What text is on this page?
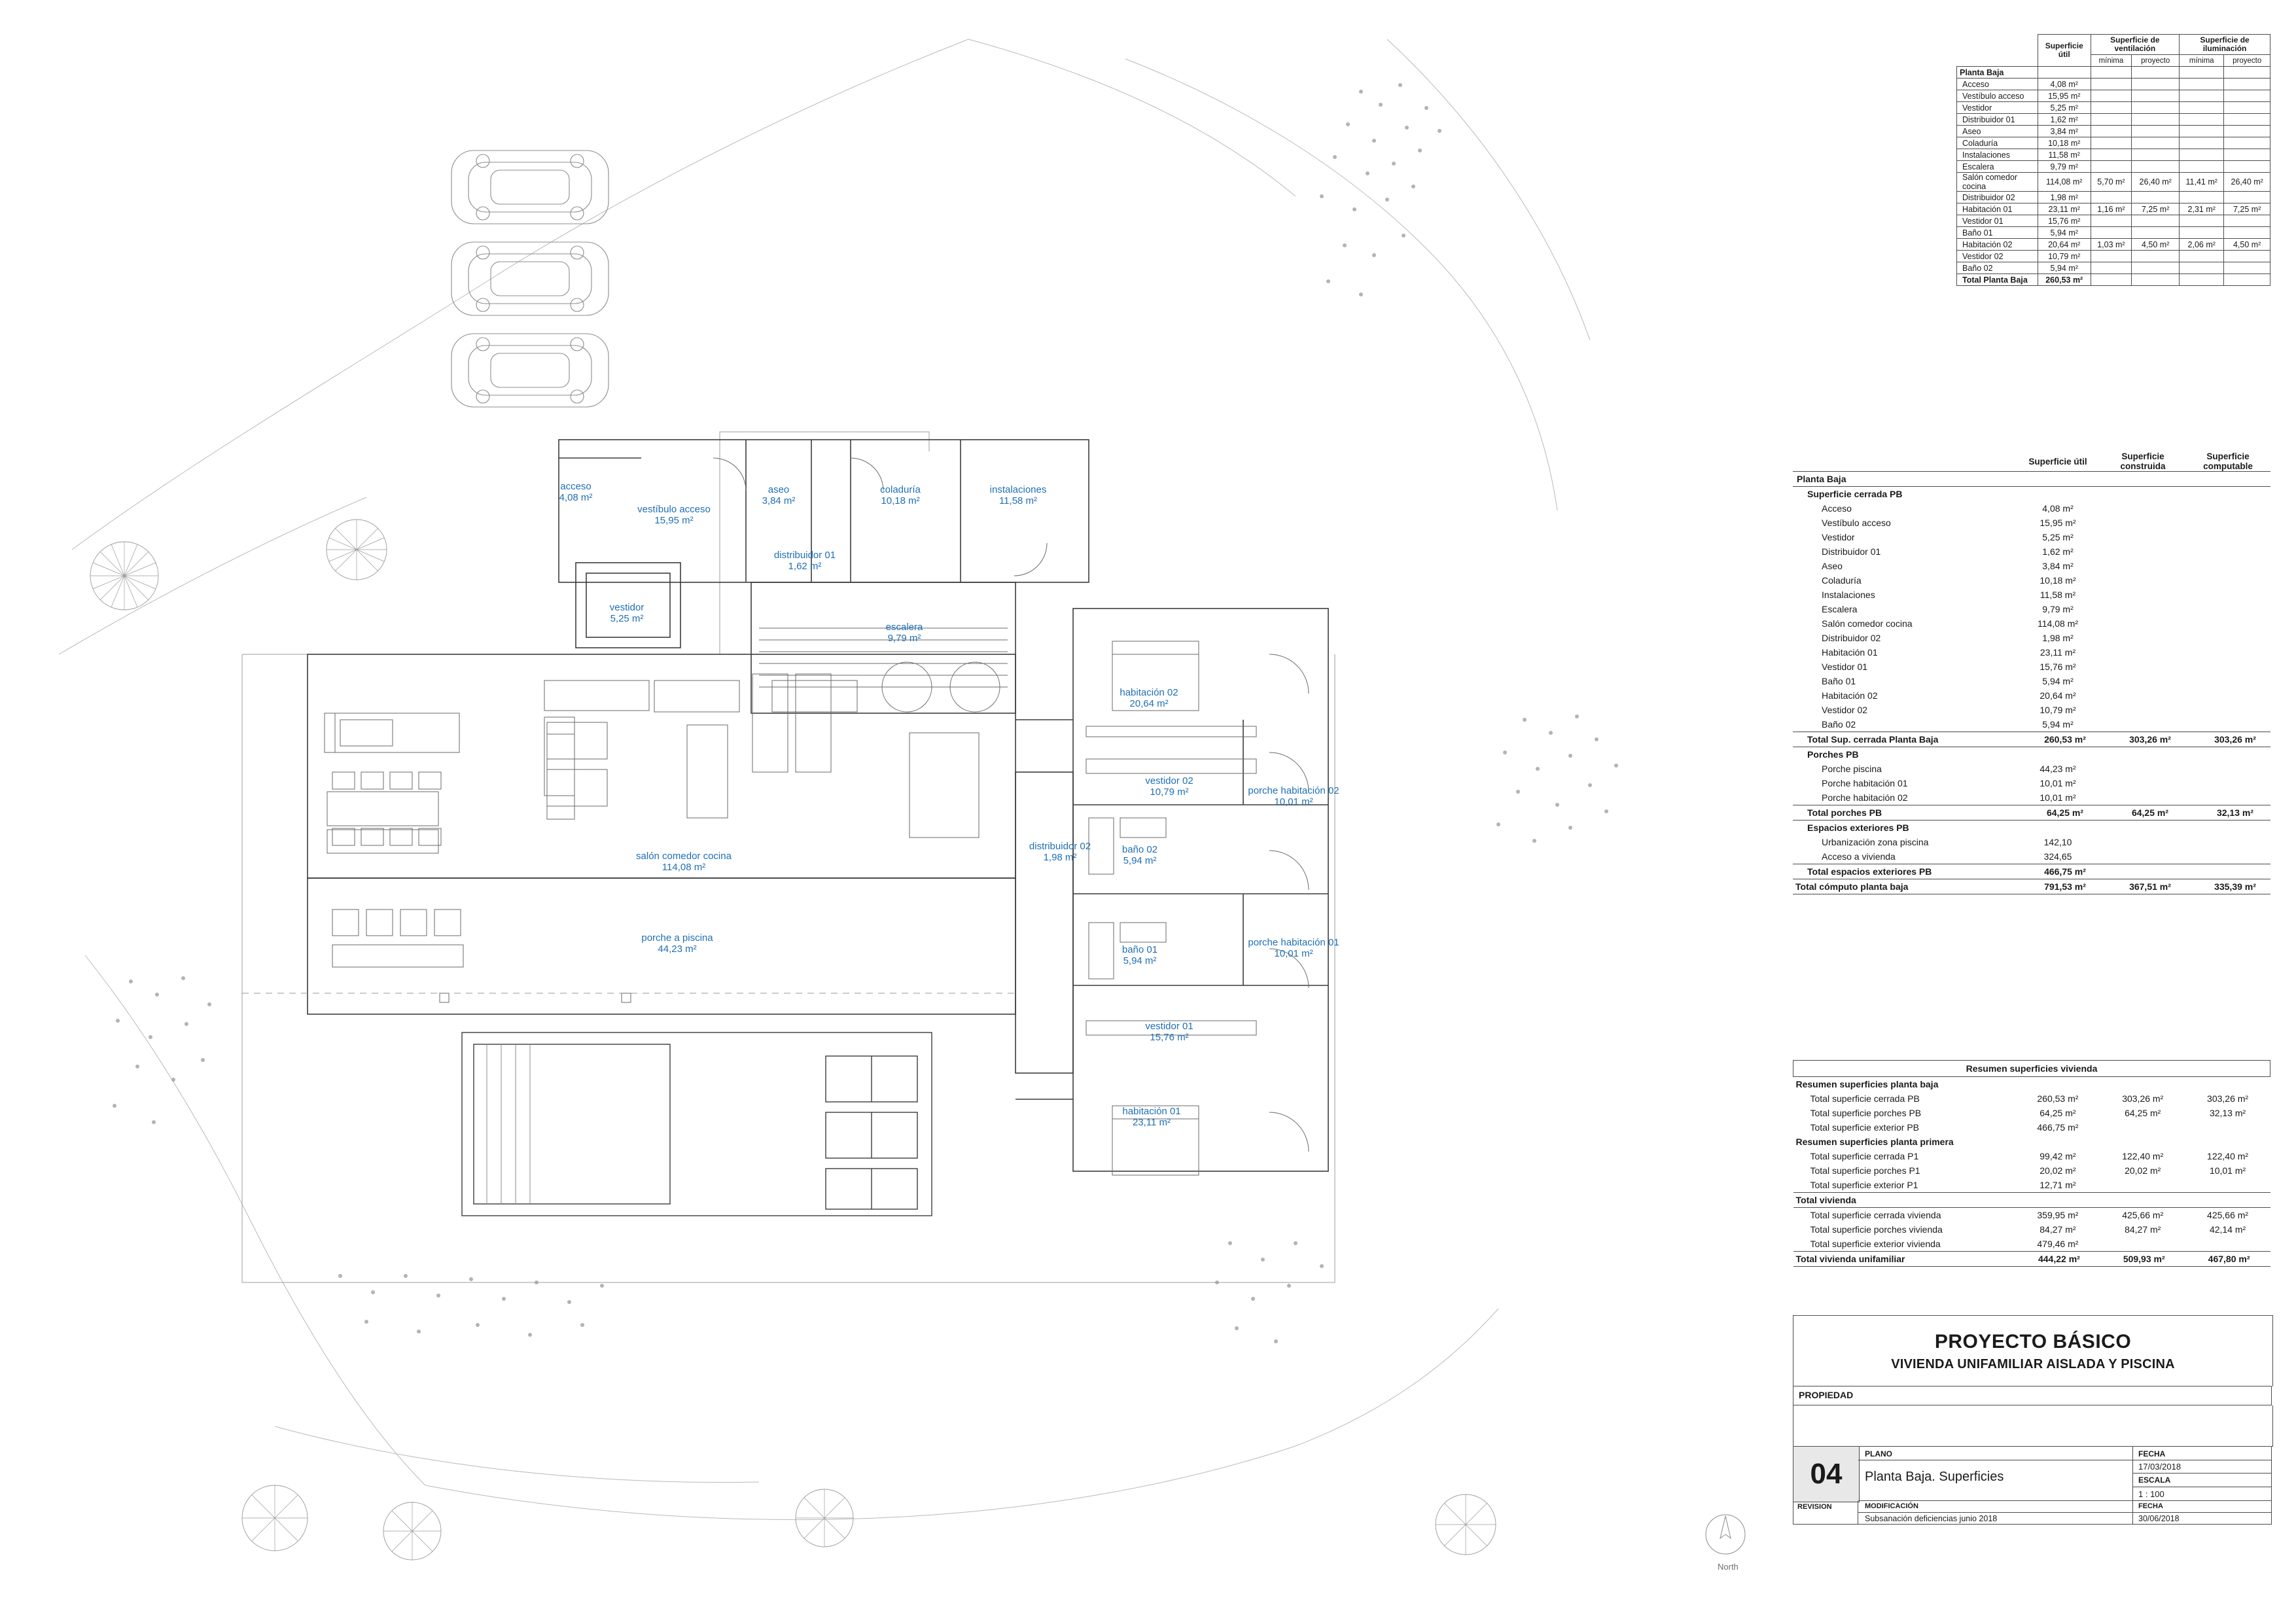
acceso
4,08 m²
vestíbulo acceso
15,95 m²
aseo
3,84 m²
coladuría
10,18 m²
instalaciones
11,58 m²
distribuidor 01
1,62 m²
vestidor
5,25 m²
escalera
9,79 m²
habitación 02
20,64 m²
vestidor 02
10,79 m²	porche habitación 02
10,01 m²
salón comedor cocina
114,08 m²
distribuidor 02
1,98 m²
baño 02
5,94 m²
baño 01
5,94 m²
porche habitación 01
10,01 m²
porche a piscina
44,23 m²
vestidor 01
15,76 m²
habitación 01
23,11 m²
	Superficie útil	Superficie de ventilación		Superficie de iluminación	
		mínima	proyecto	mínima	proyecto
Planta Baja					
Acceso	4,08 m²				
Vestíbulo acceso	15,95 m²				
Vestidor	5,25 m²				
Distribuidor 01	1,62 m²				
Aseo	3,84 m²				
Coladuría	10,18 m²				
Instalaciones	11,58 m²				
Escalera	9,79 m²				
Salón comedor cocina	114,08 m²	5,70 m²	26,40 m²	11,41 m²	26,40 m²
Distribuidor 02	1,98 m²				
Habitación 01	23,11 m²	1,16 m²	7,25 m²	2,31 m²	7,25 m²
Vestidor 01	15,76 m²				
Baño 01	5,94 m²				
Habitación 02	20,64 m²	1,03 m²	4,50 m²	2,06 m²	4,50 m²
Vestidor 02	10,79 m²				
Baño 02	5,94 m²				
Total Planta Baja	260,53 m²				
	Superficie útil	Superficie construida	Superficie computable
Planta Baja			
Superficie cerrada PB			
Acceso	4,08 m²		
Vestíbulo acceso	15,95 m²		
Vestidor	5,25 m²		
Distribuidor 01	1,62 m²		
Aseo	3,84 m²		
Coladuría	10,18 m²		
Instalaciones	11,58 m²		
Escalera	9,79 m²		
Salón comedor cocina	114,08 m²		
Distribuidor 02	1,98 m²		
Habitación 01	23,11 m²		
Vestidor 01	15,76 m²		
Baño 01	5,94 m²		
Habitación 02	20,64 m²		
Vestidor 02	10,79 m²		
Baño 02	5,94 m²		
Total Sup. cerrada Planta Baja	260,53 m²	303,26 m²	303,26 m²
Porches PB			
Porche piscina	44,23 m²		
Porche habitación 01	10,01 m²		
Porche habitación 02	10,01 m²		
Total porches PB	64,25 m²	64,25 m²	32,13 m²
Espacios exteriores PB			
Urbanización zona piscina	142,10		
Acceso a vivienda	324,65		
Total espacios exteriores PB	466,75 m²		
Total cómputo planta baja	791,53 m²	367,51 m²	335,39 m²
Resumen superficies vivienda			
Resumen superficies planta baja			
Total superficie cerrada PB	260,53 m²	303,26 m²	303,26 m²
Total superficie porches PB	64,25 m²	64,25 m²	32,13 m²
Total superficie exterior PB	466,75 m²		
Resumen superficies planta primera			
Total superficie cerrada P1	99,42 m²	122,40 m²	122,40 m²
Total superficie porches P1	20,02 m²	20,02 m²	10,01 m²
Total superficie exterior P1	12,71 m²		
Total vivienda			
Total superficie cerrada vivienda	359,95 m²	425,66 m²	425,66 m²
Total superficie porches vivienda	84,27 m²	84,27 m²	42,14 m²
Total superficie exterior vivienda	479,46 m²		
Total vivienda unifamiliar	444,22 m²	509,93 m²	467,80 m²
PROYECTO BÁSICO
VIVIENDA UNIFAMILIAR AISLADA Y PISCINA
PROPIEDAD
04
PLANO
Planta Baja. Superficies
FECHA
17/03/2018
ESCALA
1 : 100
REVISION	MODIFICACIÓN
Subsanación deficiencias junio 2018
FECHA
30/06/2018
North
